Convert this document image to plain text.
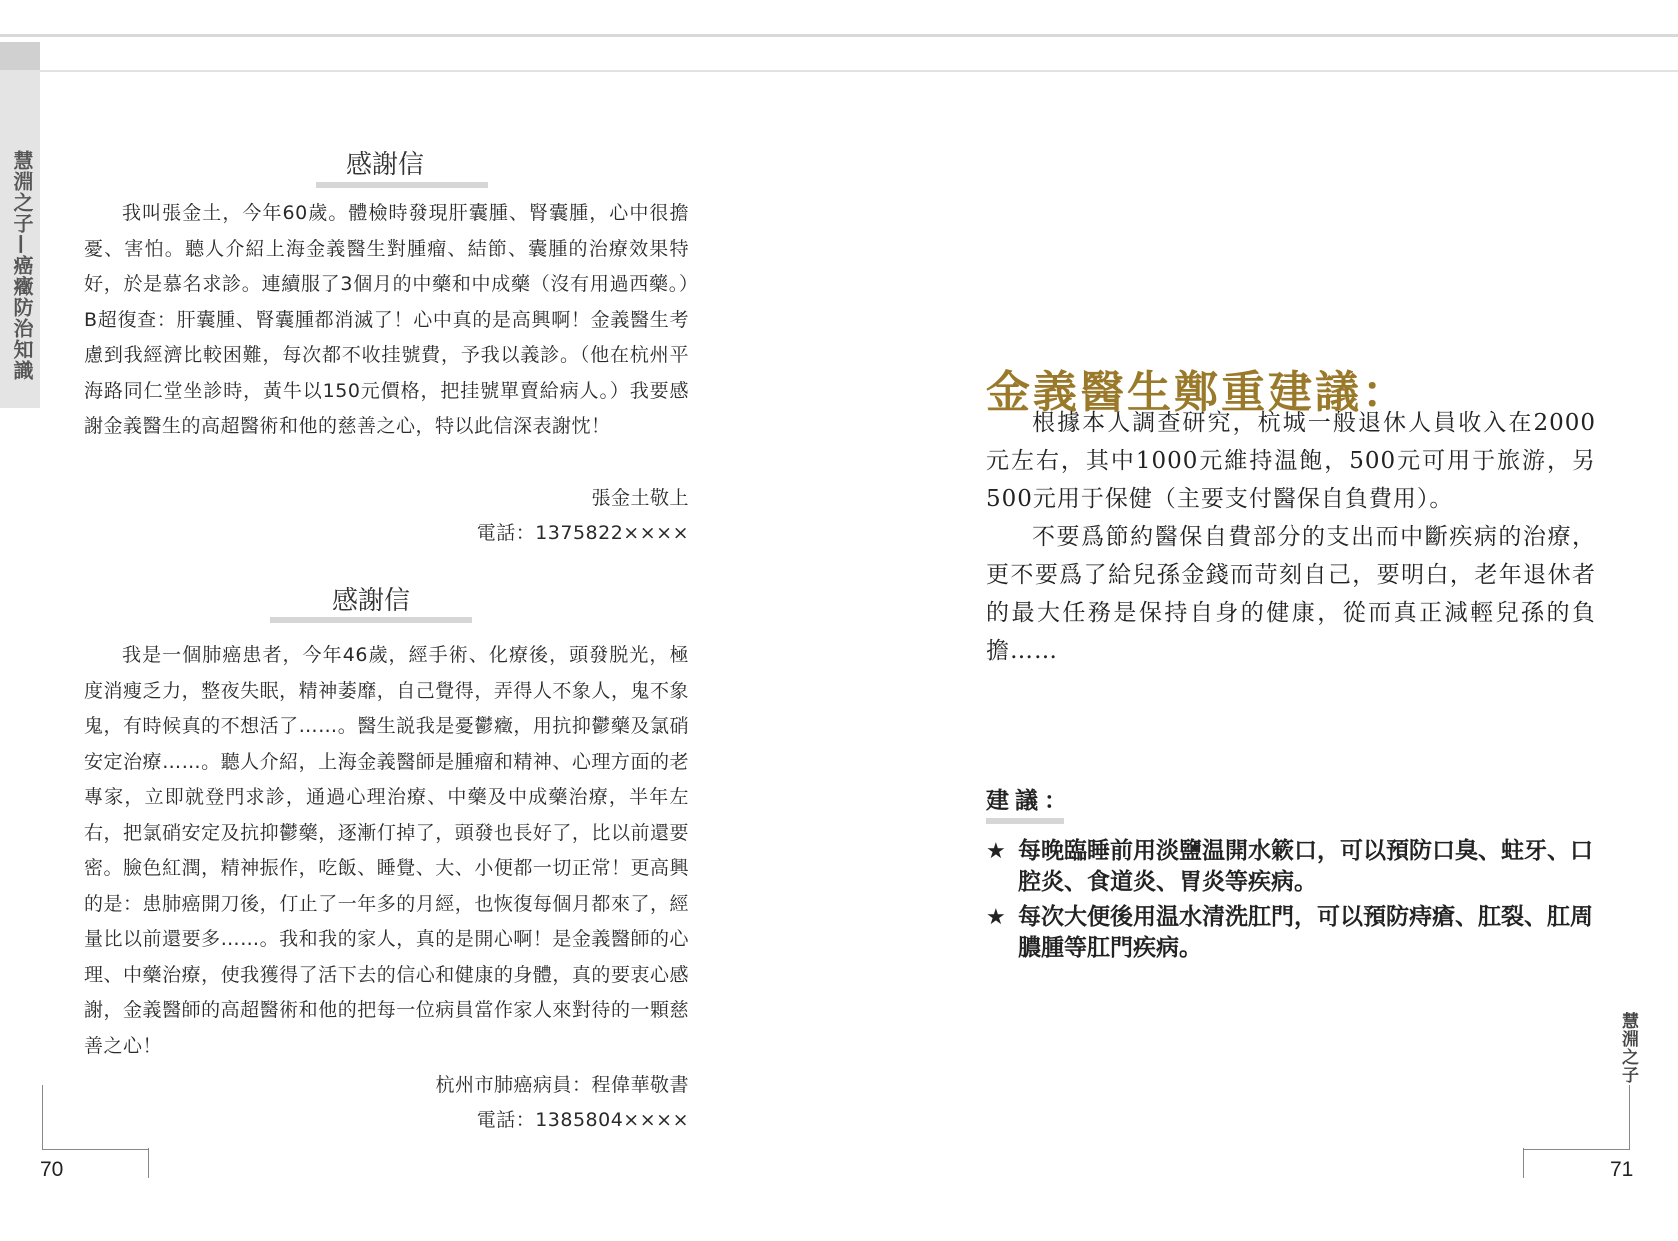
慧淵之子—癌癥防治知識
慧淵之子
感謝信

我叫張金土，今年60歲。體檢時發現肝囊腫、腎囊腫，心中很擔憂、害怕。聽人介紹上海金義醫生對腫瘤、結節、囊腫的治療效果特好，於是慕名求診。連續服了3個月的中藥和中成藥（沒有用過西藥。）B超復查：肝囊腫、腎囊腫都消滅了！心中真的是高興啊！金義醫生考慮到我經濟比較困難，每次都不收挂號費，予我以義診。（他在杭州平海路同仁堂坐診時，黃牛以150元價格，把挂號單賣給病人。）我要感謝金義醫生的高超醫術和他的慈善之心，特以此信深表謝忱！

張金土敬上
電話：1375822××××
感謝信

我是一個肺癌患者，今年46歲，經手術、化療後，頭發脱光，極度消瘦乏力，整夜失眠，精神萎靡，自己覺得，弄得人不象人，鬼不象鬼，有時候真的不想活了……。醫生説我是憂鬱癥，用抗抑鬱藥及氯硝安定治療……。聽人介紹，上海金義醫師是腫瘤和精神、心理方面的老專家，立即就登門求診，通過心理治療、中藥及中成藥治療，半年左右，把氯硝安定及抗抑鬱藥，逐漸仃掉了，頭發也長好了，比以前還要密。臉色紅潤，精神振作，吃飯、睡覺、大、小便都一切正常！更高興的是：患肺癌開刀後，仃止了一年多的月經，也恢復每個月都來了，經量比以前還要多……。我和我的家人，真的是開心啊！是金義醫師的心理、中藥治療，使我獲得了活下去的信心和健康的身體，真的要衷心感謝，金義醫師的高超醫術和他的把每一位病員當作家人來對待的一顆慈善之心！

杭州市肺癌病員：程偉華敬書
電話：1385804××××
金義醫生鄭重建議：

根據本人調查研究，杭城一般退休人員收入在2000元左右，其中1000元維持温飽，500元可用于旅游，另500元用于保健（主要支付醫保自負費用）。

不要爲節約醫保自費部分的支出而中斷疾病的治療，更不要爲了給兒孫金錢而苛刻自己，要明白，老年退休者的最大任務是保持自身的健康，從而真正減輕兒孫的負擔……

建議：
★ 每晚臨睡前用淡鹽温開水簌口，可以預防口臭、蛀牙、口腔炎、食道炎、胃炎等疾病。
★ 每次大便後用温水清洗肛門，可以預防痔瘡、肛裂、肛周膿腫等肛門疾病。
70	71
